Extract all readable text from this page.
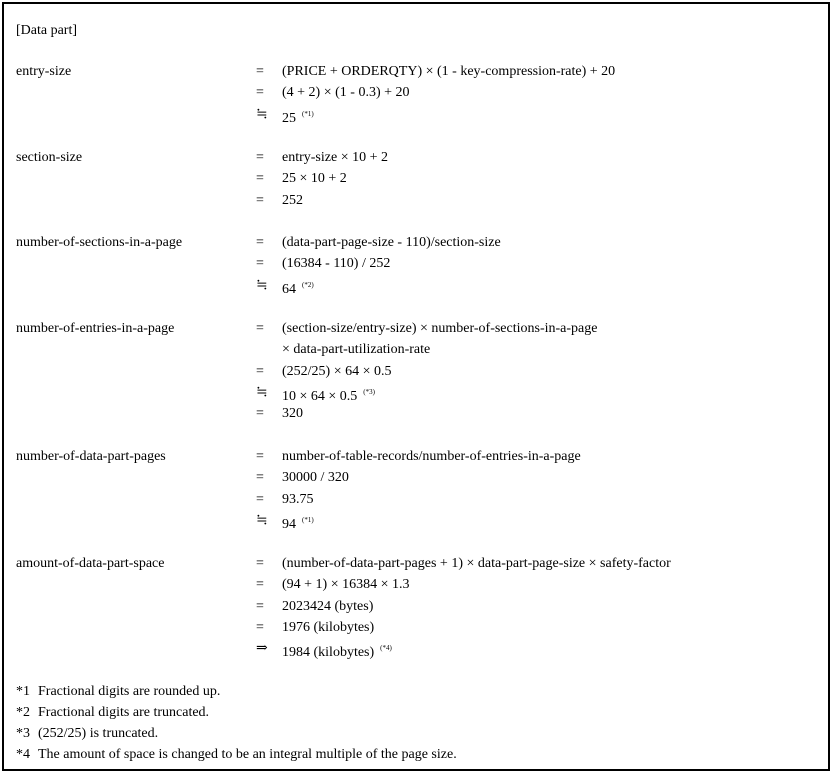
[Data part]
entry-size	=	(PRICE + ORDERQTY) × (1 - key-compression-rate) + 20
=	(4 + 2) × (1 - 0.3) + 20
≒	25 $^{(*1)}$
section-size	=	entry-size × 10 + 2
=	25 × 10 + 2
=	252
number-of-sections-in-a-page	=	(data-part-page-size - 110)/section-size
=	(16384 - 110) / 252
≒	64 $^{(*2)}$
number-of-entries-in-a-page	=	(section-size/entry-size) × number-of-sections-in-a-page
× data-part-utilization-rate
=	(252/25) × 64 × 0.5
≒	10 × 64 × 0.5 $^{(*3)}$
=	320
number-of-data-part-pages	=	number-of-table-records/number-of-entries-in-a-page
=	30000 / 320
=	93.75
≒	94 $^{(*1)}$
amount-of-data-part-space	=	(number-of-data-part-pages + 1) × data-part-page-size × safety-factor
=	(94 + 1) × 16384 × 1.3
=	2023424 (bytes)
=	1976 (kilobytes)
⇒	1984 (kilobytes) $^{(*4)}$
*1 Fractional digits are rounded up.
*2 Fractional digits are truncated.
*3 (252/25) is truncated.
*4 The amount of space is changed to be an integral multiple of the page size.
